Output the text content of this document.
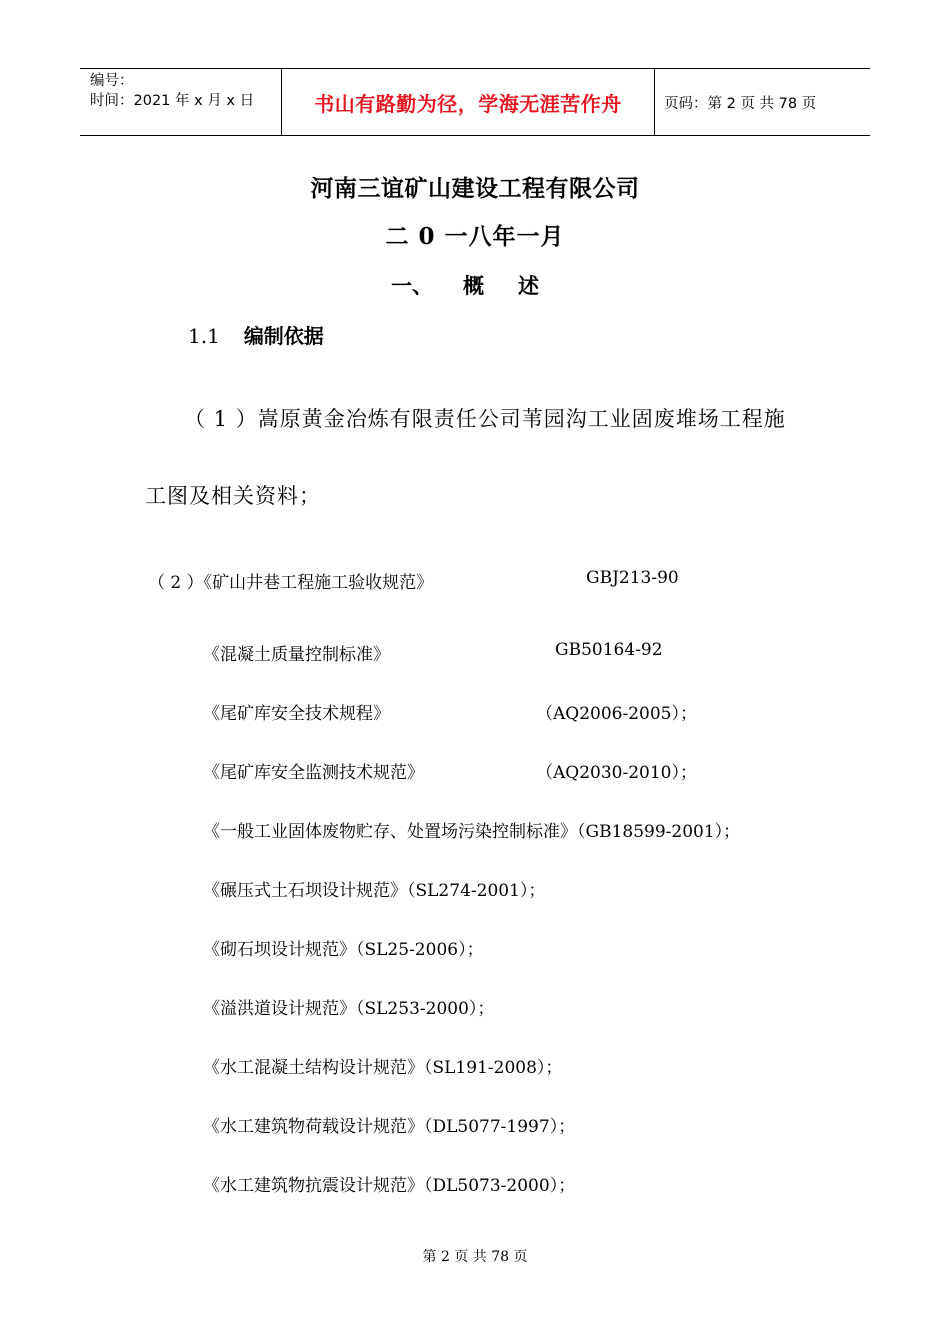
编号：
时间：2021 年 x 月 x 日	书山有路勤为径，学海无涯苦作舟	页码：第 2 页 共 78 页
河南三谊矿山建设工程有限公司
二 0 一八年一月
一、 概 述
1.1 编制依据
（ 1 ）嵩原黄金冶炼有限责任公司苇园沟工业固废堆场工程施
工图及相关资料；
（ 2 ）《矿山井巷工程施工验收规范》	GBJ213-90
《混凝土质量控制标准》	GB50164-92
《尾矿库安全技术规程》	（AQ2006-2005）；
《尾矿库安全监测技术规范》	（AQ2030-2010）；
《一般工业固体废物贮存、处置场污染控制标准》（GB18599-2001）；
《碾压式土石坝设计规范》（SL274-2001）；
《砌石坝设计规范》（SL25-2006）；
《溢洪道设计规范》（SL253-2000）；
《水工混凝土结构设计规范》（SL191-2008）；
《水工建筑物荷载设计规范》（DL5077-1997）；
《水工建筑物抗震设计规范》（DL5073-2000）；
第 2 页 共 78 页
